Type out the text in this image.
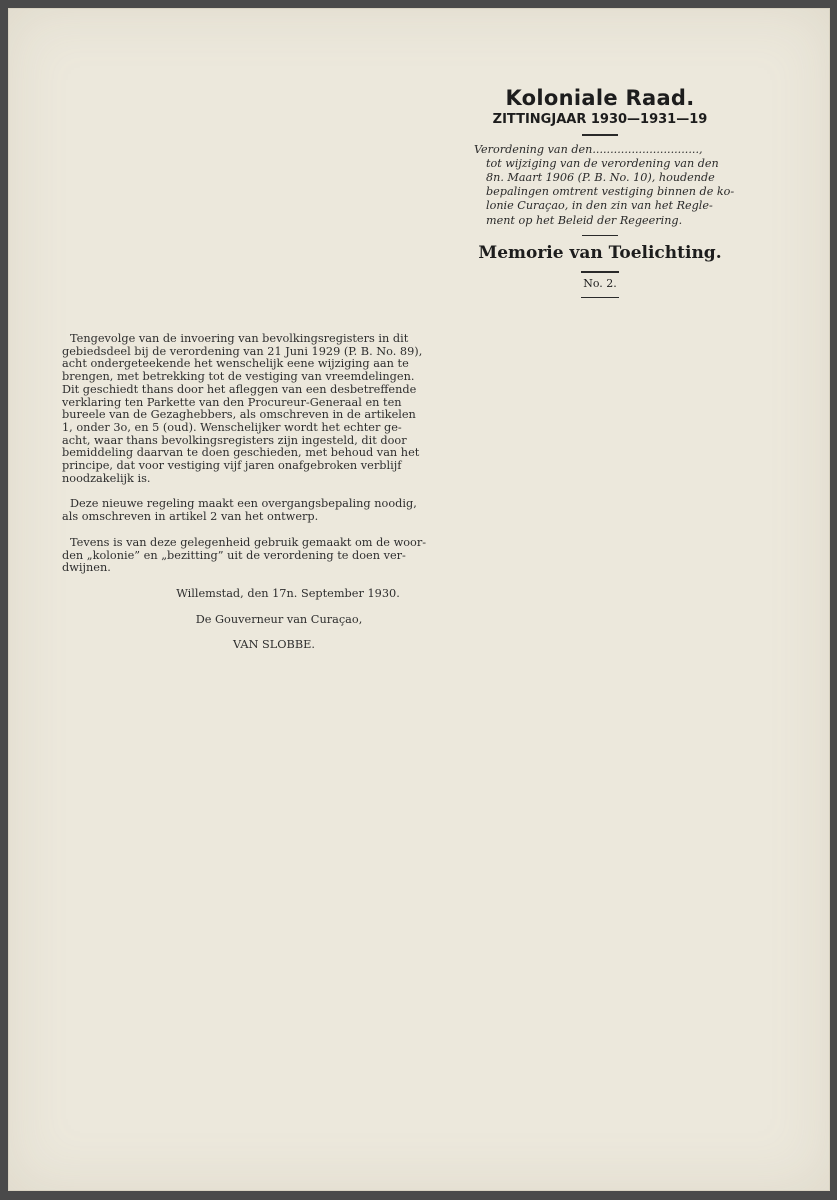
Koloniale Raad.
ZITTINGJAAR 1930—1931—19
Verordening van den..............................,
tot wijziging van de verordening van den
8n. Maart 1906 (P. B. No. 10), houdende
bepalingen omtrent vestiging binnen de ko-
lonie Curaçao, in den zin van het Regle-
ment op het Beleid der Regeering.
Memorie van Toelichting.
No. 2.
Tengevolge van de invoering van bevolkingsregisters in dit
gebiedsdeel bij de verordening van 21 Juni 1929 (P. B. No. 89),
acht ondergeteekende het wenschelijk eene wijziging aan te
brengen, met betrekking tot de vestiging van vreemdelingen.
Dit geschiedt thans door het afleggen van een desbetreffende
verklaring ten Parkette van den Procureur-Generaal en ten
bureele van de Gezaghebbers, als omschreven in de artikelen
1, onder 3o, en 5 (oud). Wenschelijker wordt het echter ge-
acht, waar thans bevolkingsregisters zijn ingesteld, dit door
bemiddeling daarvan te doen geschieden, met behoud van het
principe, dat voor vestiging vijf jaren onafgebroken verblijf
noodzakelijk is.
Deze nieuwe regeling maakt een overgangsbepaling noodig,
als omschreven in artikel 2 van het ontwerp.
Tevens is van deze gelegenheid gebruik gemaakt om de woor-
den „kolonie” en „bezitting” uit de verordening te doen ver-
dwijnen.

Willemstad, den 17n. September 1930.

De Gouverneur van Curaçao,

VAN SLOBBE.
